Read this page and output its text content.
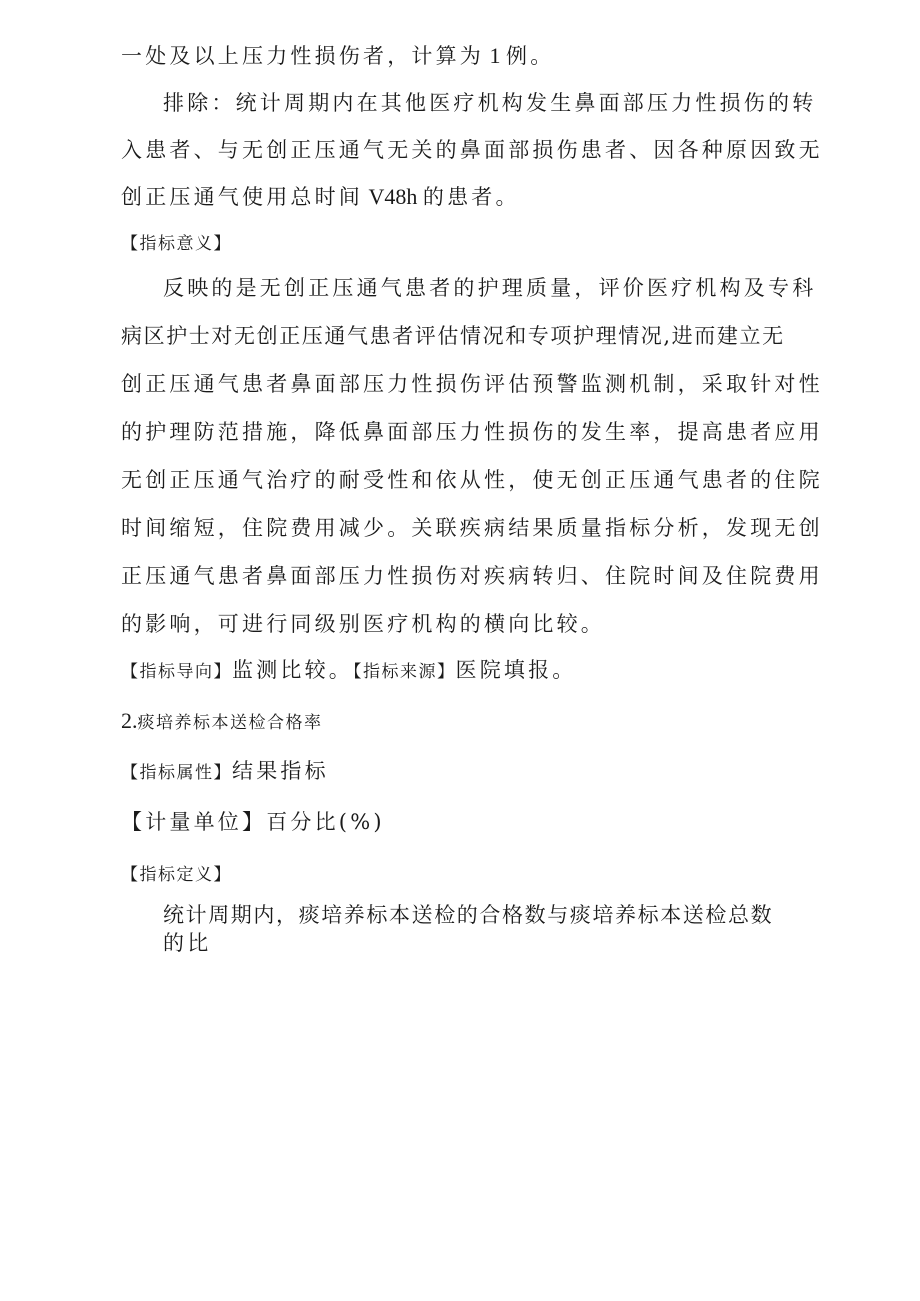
一处及以上压力性损伤者，计算为 1 例。
排除：统计周期内在其他医疗机构发生鼻面部压力性损伤的转
入患者、与无创正压通气无关的鼻面部损伤患者、因各种原因致无
创正压通气使用总时间 V48h 的患者。
【指标意义】
反映的是无创正压通气患者的护理质量，评价医疗机构及专科
病区护士对无创正压通气患者评估情况和专项护理情况,进而建立无
创正压通气患者鼻面部压力性损伤评估预警监测机制，采取针对性
的护理防范措施，降低鼻面部压力性损伤的发生率，提高患者应用
无创正压通气治疗的耐受性和依从性，使无创正压通气患者的住院
时间缩短，住院费用减少。关联疾病结果质量指标分析，发现无创
正压通气患者鼻面部压力性损伤对疾病转归、住院时间及住院费用
的影响，可进行同级别医疗机构的横向比较。
【指标导向】监测比较。【指标来源】医院填报。
2.痰培养标本送检合格率
【指标属性】结果指标
【计量单位】百分比(%)
【指标定义】
统计周期内，痰培养标本送检的合格数与痰培养标本送检总数
的比
